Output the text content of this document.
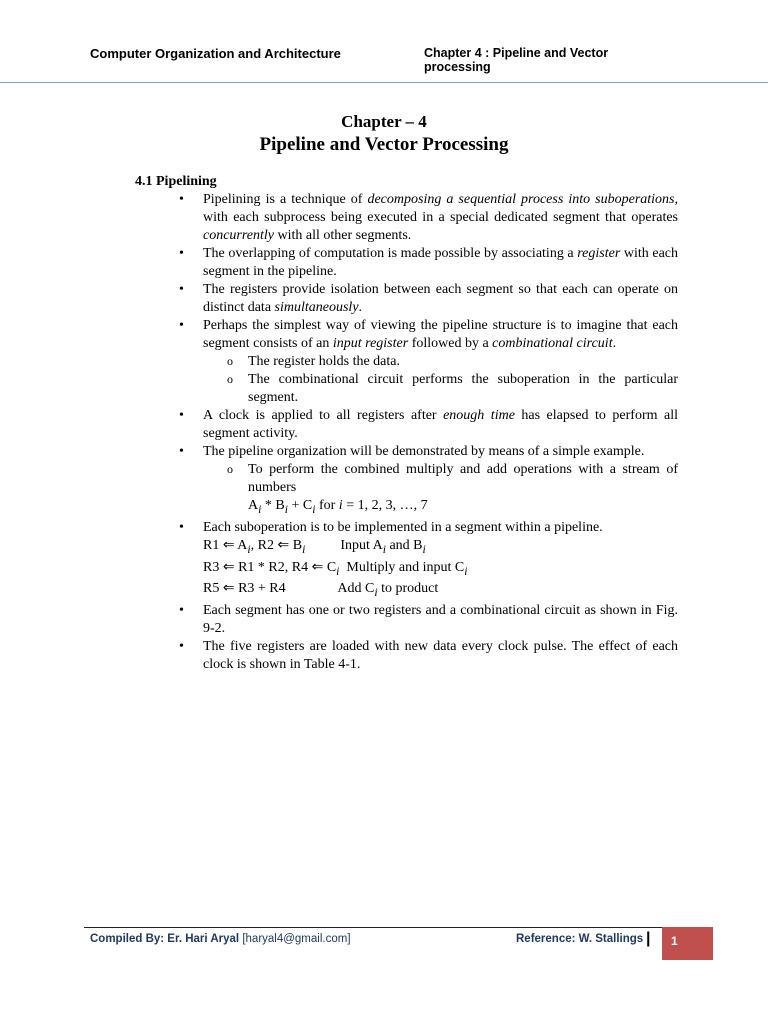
Computer Organization and Architecture	Chapter 4 : Pipeline and Vector processing
Chapter – 4
Pipeline and Vector Processing
4.1 Pipelining
• Pipelining is a technique of decomposing a sequential process into suboperations, with each subprocess being executed in a special dedicated segment that operates concurrently with all other segments.
• The overlapping of computation is made possible by associating a register with each segment in the pipeline.
• The registers provide isolation between each segment so that each can operate on distinct data simultaneously.
• Perhaps the simplest way of viewing the pipeline structure is to imagine that each segment consists of an input register followed by a combinational circuit.
o The register holds the data.
o The combinational circuit performs the suboperation in the particular segment.
• A clock is applied to all registers after enough time has elapsed to perform all segment activity.
• The pipeline organization will be demonstrated by means of a simple example.
o To perform the combined multiply and add operations with a stream of numbers
$A_i * B_i + C_i$ for i = 1, 2, 3, …, 7
• Each suboperation is to be implemented in a segment within a pipeline.
R1 ⇐ $A_i$, R2 ⇐ $B_i$          Input $A_i$ and $B_i$
R3 ⇐ R1 * R2, R4 ⇐ $C_i$  Multiply and input $C_i$
R5 ⇐ R3 + R4               Add $C_i$ to product
• Each segment has one or two registers and a combinational circuit as shown in Fig. 9-2.
• The five registers are loaded with new data every clock pulse. The effect of each clock is shown in Table 4-1.
Compiled By: Er. Hari Aryal [haryal4@gmail.com]	Reference: W. Stallings | 1
